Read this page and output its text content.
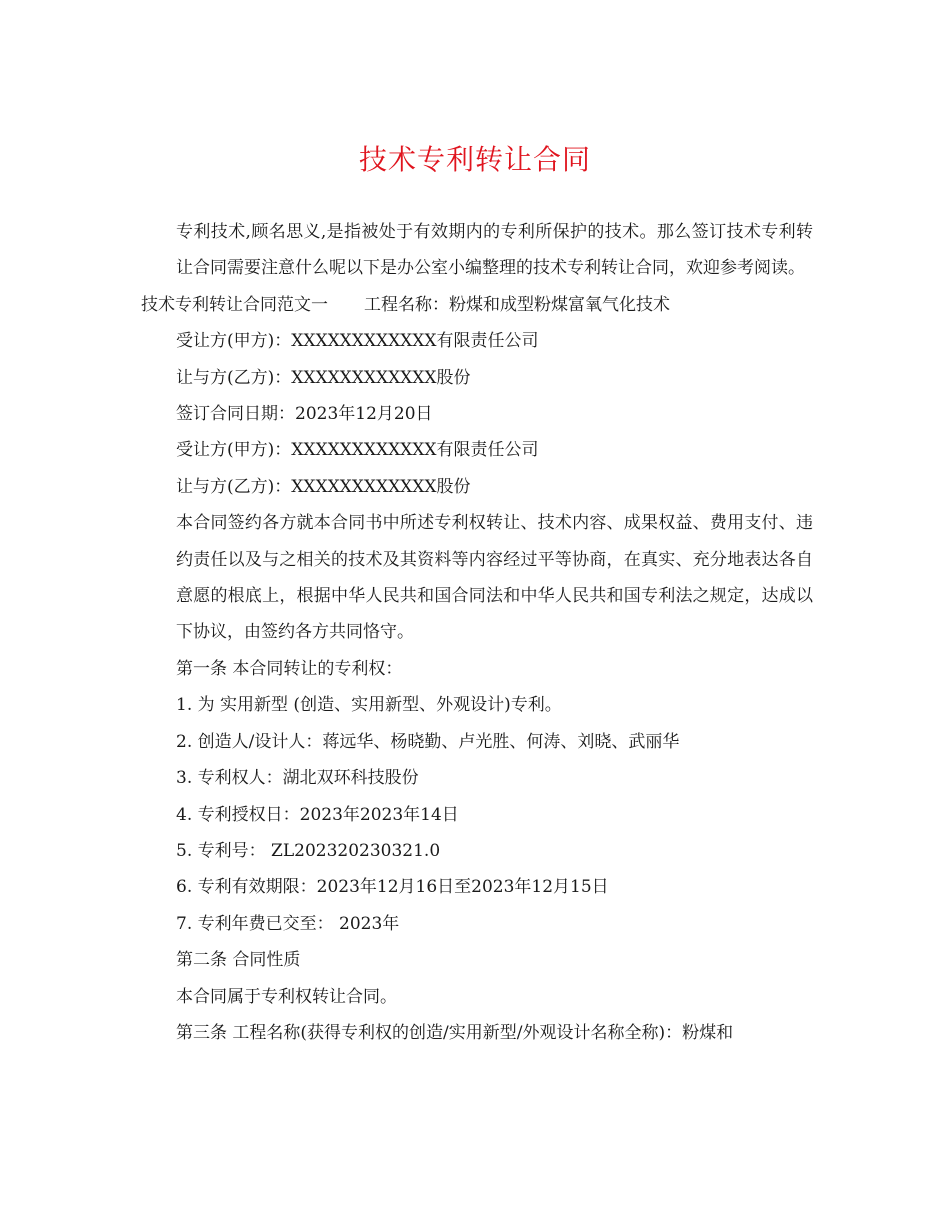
技术专利转让合同

专利技术,顾名思义,是指被处于有效期内的专利所保护的技术。那么签订技术专利转让合同需要注意什么呢以下是办公室小编整理的技术专利转让合同，欢迎参考阅读。

技术专利转让合同范文一 工程名称：粉煤和成型粉煤富氧气化技术

受让方(甲方)：XXXXXXXXXXXX有限责任公司

让与方(乙方)：XXXXXXXXXXXX股份

签订合同日期：2023年12月20日

受让方(甲方)：XXXXXXXXXXXX有限责任公司

让与方(乙方)：XXXXXXXXXXXX股份

本合同签约各方就本合同书中所述专利权转让、技术内容、成果权益、费用支付、违约责任以及与之相关的技术及其资料等内容经过平等协商，在真实、充分地表达各自意愿的根底上，根据中华人民共和国合同法和中华人民共和国专利法之规定，达成以下协议，由签约各方共同恪守。

第一条 本合同转让的专利权：

1. 为 实用新型 (创造、实用新型、外观设计)专利。

2. 创造人/设计人：蒋远华、杨晓勤、卢光胜、何涛、刘晓、武丽华

3. 专利权人：湖北双环科技股份

4. 专利授权日：2023年2023年14日

5. 专利号： ZL202320230321.0

6. 专利有效期限：2023年12月16日至2023年12月15日

7. 专利年费已交至： 2023年

第二条 合同性质

本合同属于专利权转让合同。

第三条 工程名称(获得专利权的创造/实用新型/外观设计名称全称)：粉煤和
